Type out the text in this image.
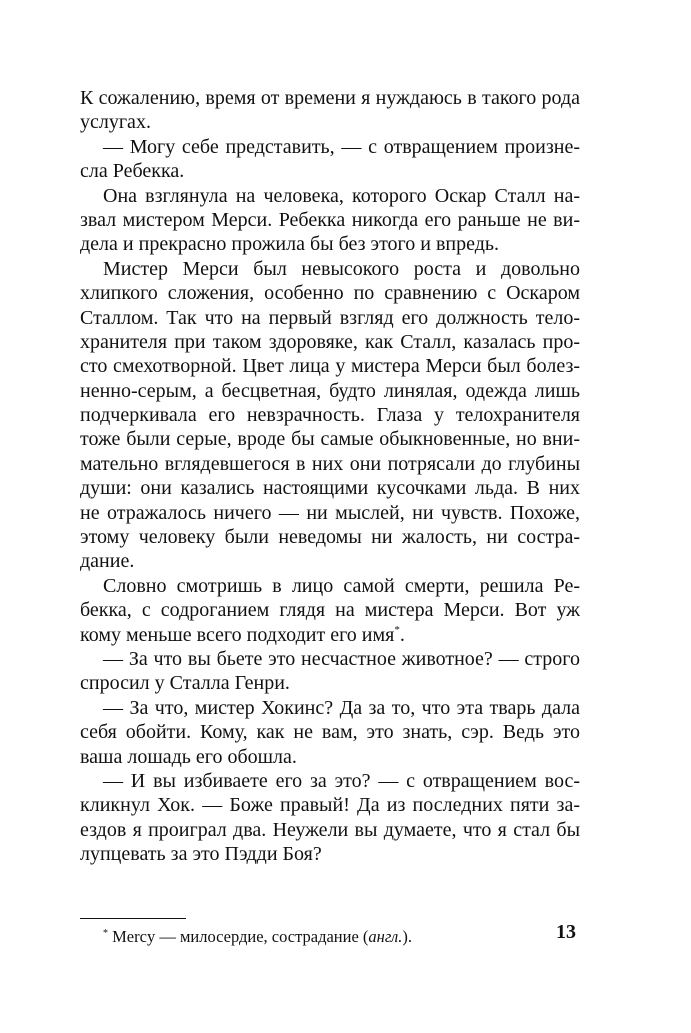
К сожалению, время от времени я нуждаюсь в такого рода
услугах.
— Могу себе представить, — с отвращением произне-
сла Ребекка.
Она взглянула на человека, которого Оскар Сталл на-
звал мистером Мерси. Ребекка никогда его раньше не ви-
дела и прекрасно прожила бы без этого и впредь.
Мистер Мерси был невысокого роста и довольно
хлипкого сложения, особенно по сравнению с Оскаром
Сталлом. Так что на первый взгляд его должность тело-
хранителя при таком здоровяке, как Сталл, казалась про-
сто смехотворной. Цвет лица у мистера Мерси был болез-
ненно-серым, а бесцветная, будто линялая, одежда лишь
подчеркивала его невзрачность. Глаза у телохранителя
тоже были серые, вроде бы самые обыкновенные, но вни-
мательно вглядевшегося в них они потрясали до глубины
души: они казались настоящими кусочками льда. В них
не отражалось ничего — ни мыслей, ни чувств. Похоже,
этому человеку были неведомы ни жалость, ни сострa-
дание.
Словно смотришь в лицо самой смерти, решила Ре-
бекка, с содроганием глядя на мистера Мерси. Вот уж
кому меньше всего подходит его имя*.
— За что вы бьете это несчастное животное? — строго
спросил у Сталла Генри.
— За что, мистер Хокинс? Да за то, что эта тварь дала
себя обойти. Кому, как не вам, это знать, сэр. Ведь это
ваша лошадь его обошла.
— И вы избиваете его за это? — с отвращением вос-
кликнул Хок. — Боже правый! Да из последних пяти за-
ездов я проиграл два. Неужели вы думаете, что я стал бы
лупцевать за это Пэдди Боя?
* Mercy — милосердие, сострадание (англ.).	13
